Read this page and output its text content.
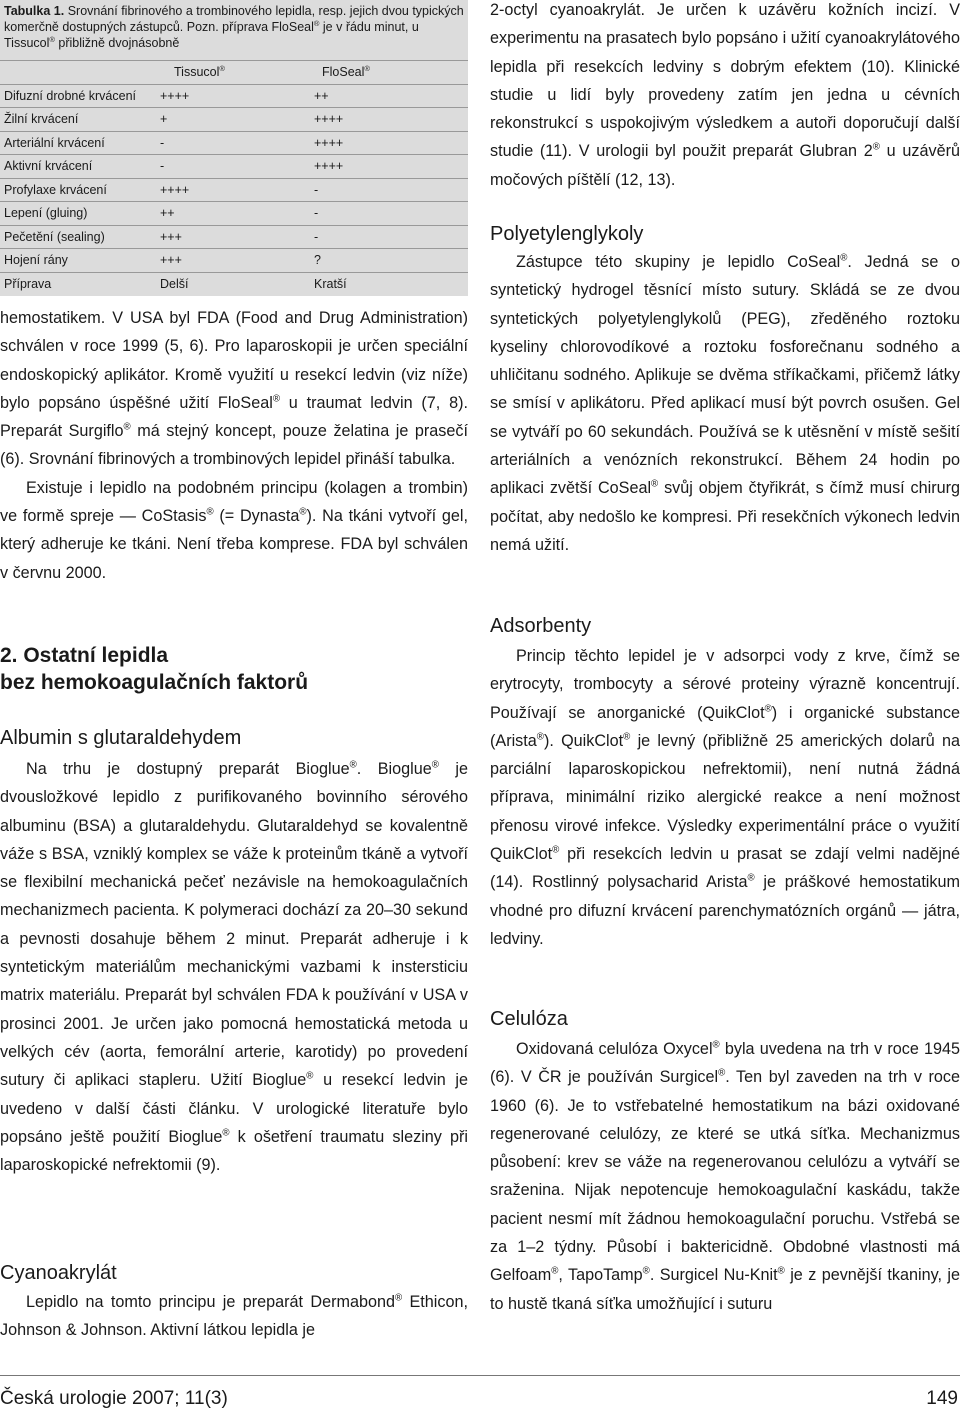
Tabulka 1. Srovnání fibrinového a trombinového lepidla, resp. jejich dvou typických komerčně dostupných zástupců. Pozn. příprava FloSeal® je v řádu minut, u Tissucol® přibližně dvojnásobně
Tissucol®	FloSeal®
Difuzní drobné krvácení	++++	++
Žilní krvácení	+	++++
Arteriální krvácení	-	++++
Aktivní krvácení	-	++++
Profylaxe krvácení	++++	-
Lepení (gluing)	++	-
Pečetění (sealing)	+++	-
Hojení rány	+++	?
Příprava	Delší	Kratší

hemostatikem. V USA byl FDA (Food and Drug Administration) schválen v roce 1999 (5, 6). Pro laparoskopii je určen speciální endoskopický aplikátor. Kromě využití u resekcí ledvin (viz níže) bylo popsáno úspěšné užití FloSeal® u traumat ledvin (7, 8). Preparát Surgiflo® má stejný koncept, pouze želatina je prasečí (6). Srovnání fibrinových a trombinových lepidel přináší tabulka.

Existuje i lepidlo na podobném principu (kolagen a trombin) ve formě spreje — CoStasis® (= Dynasta®). Na tkáni vytvoří gel, který adheruje ke tkáni. Není třeba komprese. FDA byl schválen v červnu 2000.

2. Ostatní lepidla
bez hemokoagulačních faktorů
Albumin s glutaraldehydem

Na trhu je dostupný preparát Bioglue®. Bioglue® je dvousložkové lepidlo z purifikovaného bovinního sérového albuminu (BSA) a glutaraldehydu. Glutaraldehyd se kovalentně váže s BSA, vzniklý komplex se váže k proteinům tkáně a vytvoří se flexibilní mechanická pečeť nezávisle na hemokoagulačních mechanizmech pacienta. K polymeraci dochází za 20–30 sekund a pevnosti dosahuje během 2 minut. Preparát adheruje i k syntetickým materiálům mechanickými vazbami k instersticiu matrix materiálu. Preparát byl schválen FDA k používání v USA v prosinci 2001. Je určen jako pomocná hemostatická metoda u velkých cév (aorta, femorální arterie, karotidy) po provedení sutury či aplikaci stapleru. Užití Bioglue® u resekcí ledvin je uvedeno v další části článku. V urologické literatuře bylo popsáno ještě použití Bioglue® k ošetření traumatu sleziny při laparoskopické nefrektomii (9).

Cyanoakrylát

Lepidlo na tomto principu je preparát Dermabond® Ethicon, Johnson & Johnson. Aktivní látkou lepidla je

2-octyl cyanoakrylát. Je určen k uzávěru kožních incizí. V experimentu na prasatech bylo popsáno i užití cyanoakrylátového lepidla při resekcích ledviny s dobrým efektem (10). Klinické studie u lidí byly provedeny zatím jen jedna u cévních rekonstrukcí s uspokojivým výsledkem a autoři doporučují další studie (11). V urologii byl použit preparát Glubran 2® u uzávěrů močových píštělí (12, 13).

Polyetylenglykoly

Zástupce této skupiny je lepidlo CoSeal®. Jedná se o syntetický hydrogel těsnící místo sutury. Skládá se ze dvou syntetických polyetylenglykolů (PEG), zředěného roztoku kyseliny chlorovodíkové a roztoku fosforečnanu sodného a uhličitanu sodného. Aplikuje se dvěma stříkačkami, přičemž látky se smísí v aplikátoru. Před aplikací musí být povrch osušen. Gel se vytváří po 60 sekundách. Používá se k utěsnění v místě sešití arteriálních a venózních rekonstrukcí. Během 24 hodin po aplikaci zvětší CoSeal® svůj objem čtyřikrát, s čímž musí chirurg počítat, aby nedošlo ke kompresi. Při resekčních výkonech ledvin nemá užití.

Adsorbenty

Princip těchto lepidel je v adsorpci vody z krve, čímž se erytrocyty, trombocyty a sérové proteiny výrazně koncentrují. Používají se anorganické (QuikClot®) i organické substance (Arista®). QuikClot® je levný (přibližně 25 amerických dolarů na parciální laparoskopickou nefrektomii), není nutná žádná příprava, minimální riziko alergické reakce a není možnost přenosu virové infekce. Výsledky experimentální práce o využití QuikClot® při resekcích ledvin u prasat se zdají velmi nadějné (14). Rostlinný polysacharid Arista® je práškové hemostatikum vhodné pro difuzní krvácení parenchymatózních orgánů — játra, ledviny.

Celulóza

Oxidovaná celulóza Oxycel® byla uvedena na trh v roce 1945 (6). V ČR je používán Surgicel®. Ten byl zaveden na trh v roce 1960 (6). Je to vstřebatelné hemostatikum na bázi oxidované regenerované celulózy, ze které se utká síťka. Mechanizmus působení: krev se váže na regenerovanou celulózu a vytváří se sraženina. Nijak nepotencuje hemokoagulační kaskádu, takže pacient nesmí mít žádnou hemokoagulační poruchu. Vstřebá se za 1–2 týdny. Působí i baktericidně. Obdobné vlastnosti má Gelfoam®, TapoTamp®. Surgicel Nu-Knit® je z pevnější tkaniny, je to hustě tkaná síťka umožňující i suturu

Česká urologie 2007; 11(3)	149
